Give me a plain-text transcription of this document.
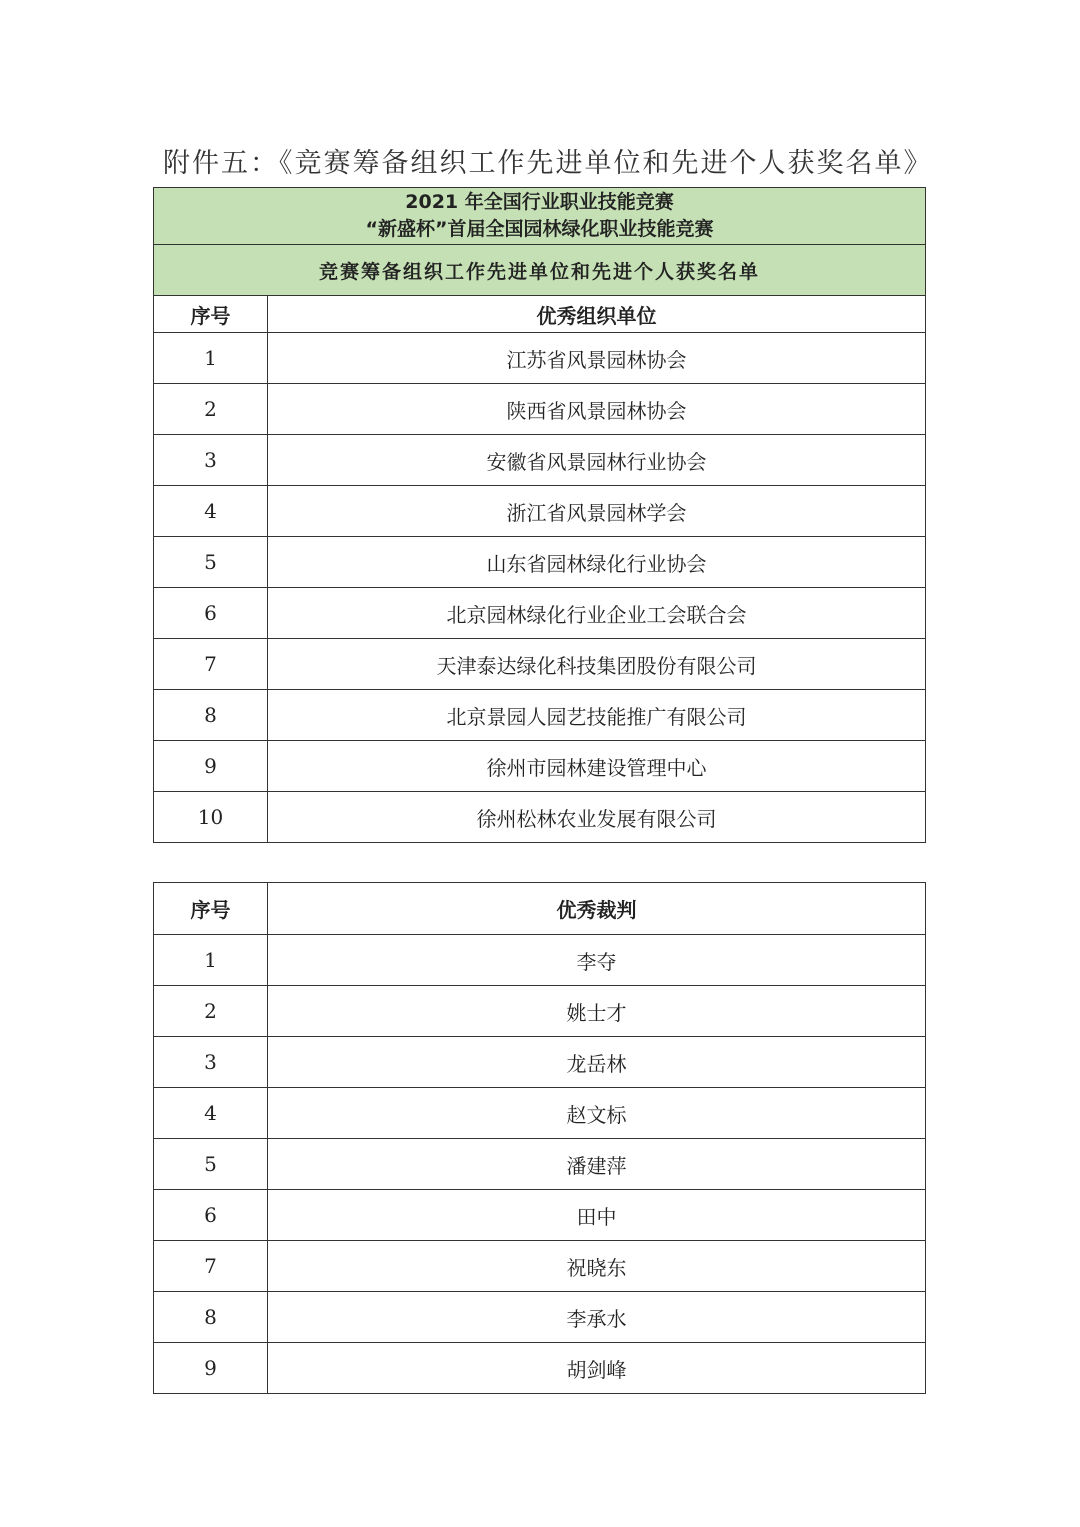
附件五：《竞赛筹备组织工作先进单位和先进个人获奖名单》
2021 年全国行业职业技能竞赛
“新盛杯”首届全国园林绿化职业技能竞赛	

竞赛筹备组织工作先进单位和先进个人获奖名单	
序号	优秀组织单位
1	江苏省风景园林协会
2	陕西省风景园林协会
3	安徽省风景园林行业协会
4	浙江省风景园林学会
5	山东省园林绿化行业协会
6	北京园林绿化行业企业工会联合会
7	天津泰达绿化科技集团股份有限公司
8	北京景园人园艺技能推广有限公司
9	徐州市园林建设管理中心
10	徐州松林农业发展有限公司
序号	优秀裁判
1	李夺
2	姚士才
3	龙岳林
4	赵文标
5	潘建萍
6	田中
7	祝晓东
8	李承水
9	胡剑峰
